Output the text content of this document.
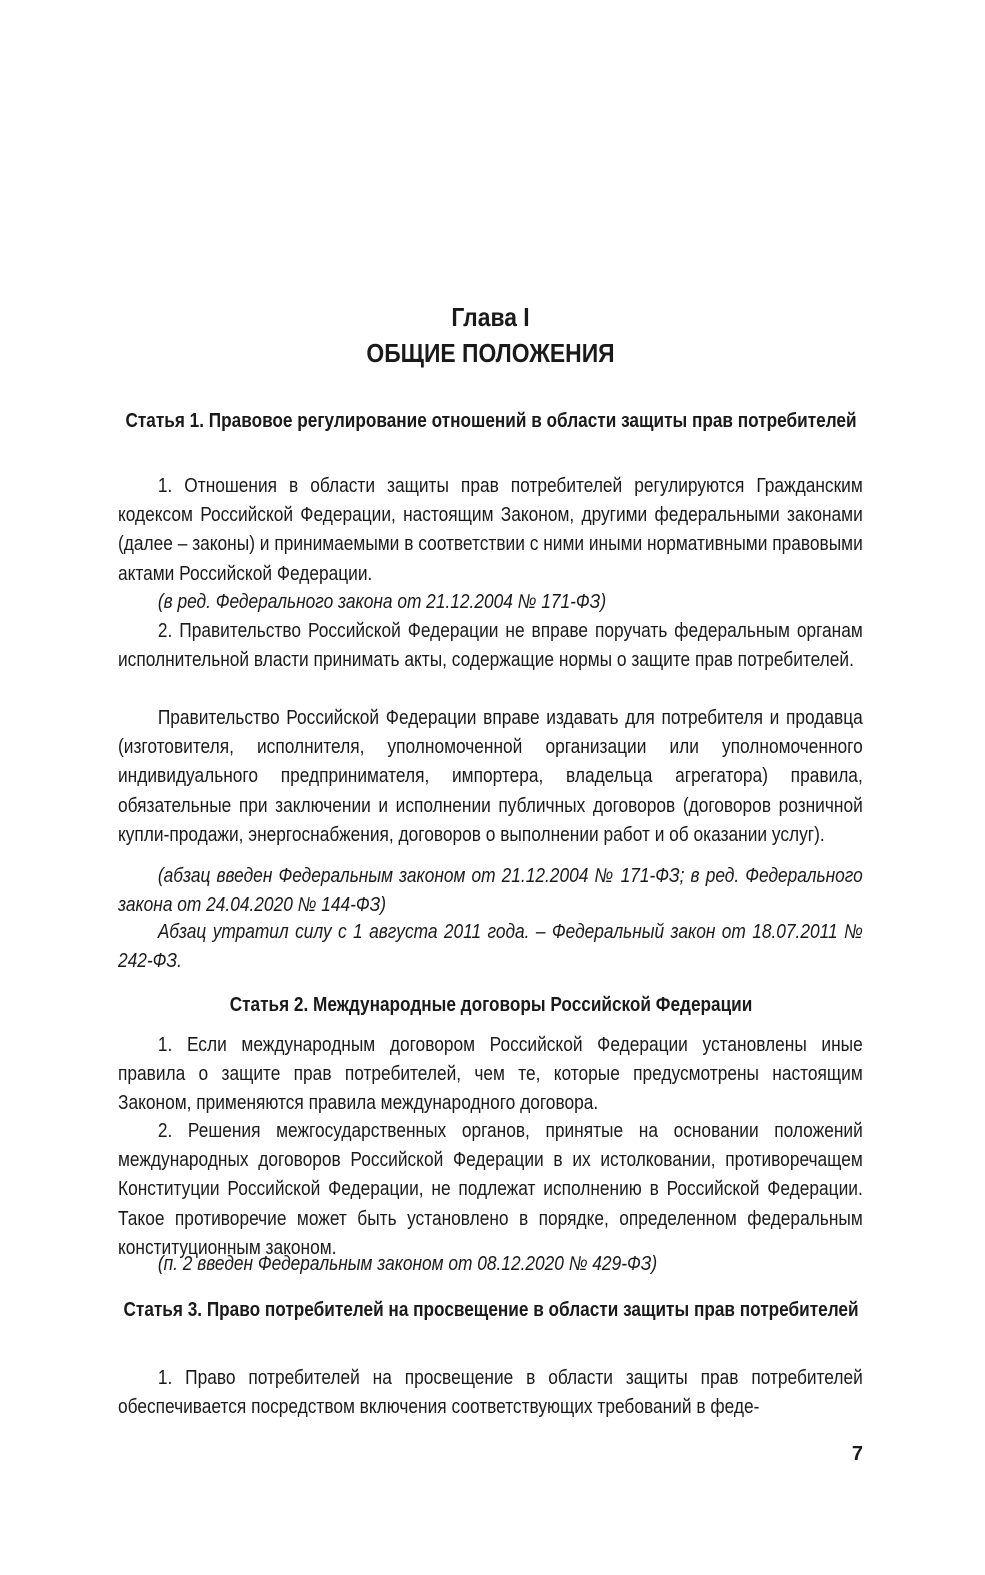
Глава I
ОБЩИЕ ПОЛОЖЕНИЯ
Статья 1. Правовое регулирование отношений в области защиты прав потребителей
1. Отношения в области защиты прав потребителей регулируются Гражданским кодексом Российской Федерации, настоящим Законом, другими федеральными законами (далее – законы) и принимаемыми в соответствии с ними иными нормативными правовыми актами Российской Федерации.
(в ред. Федерального закона от 21.12.2004 № 171-ФЗ)
2. Правительство Российской Федерации не вправе поручать федеральным органам исполнительной власти принимать акты, содержащие нормы о защите прав потребителей.
Правительство Российской Федерации вправе издавать для потребителя и продавца (изготовителя, исполнителя, уполномоченной организации или уполномоченного индивидуального предпринимателя, импортера, владельца агрегатора) правила, обязательные при заключении и исполнении публичных договоров (договоров розничной купли-продажи, энергоснабжения, договоров о выполнении работ и об оказании услуг).
(абзац введен Федеральным законом от 21.12.2004 № 171-ФЗ; в ред. Федерального закона от 24.04.2020 № 144-ФЗ)
Абзац утратил силу с 1 августа 2011 года. – Федеральный закон от 18.07.2011 № 242-ФЗ.
Статья 2. Международные договоры Российской Федерации
1. Если международным договором Российской Федерации установлены иные правила о защите прав потребителей, чем те, которые предусмотрены настоящим Законом, применяются правила международного договора.
2. Решения межгосударственных органов, принятые на основании положений международных договоров Российской Федерации в их истолковании, противоречащем Конституции Российской Федерации, не подлежат исполнению в Российской Федерации. Такое противоречие может быть установлено в порядке, определенном федеральным конституционным законом.
(п. 2 введен Федеральным законом от 08.12.2020 № 429-ФЗ)
Статья 3. Право потребителей на просвещение в области защиты прав потребителей
1. Право потребителей на просвещение в области защиты прав потребителей обеспечивается посредством включения соответствующих требований в феде-
7
